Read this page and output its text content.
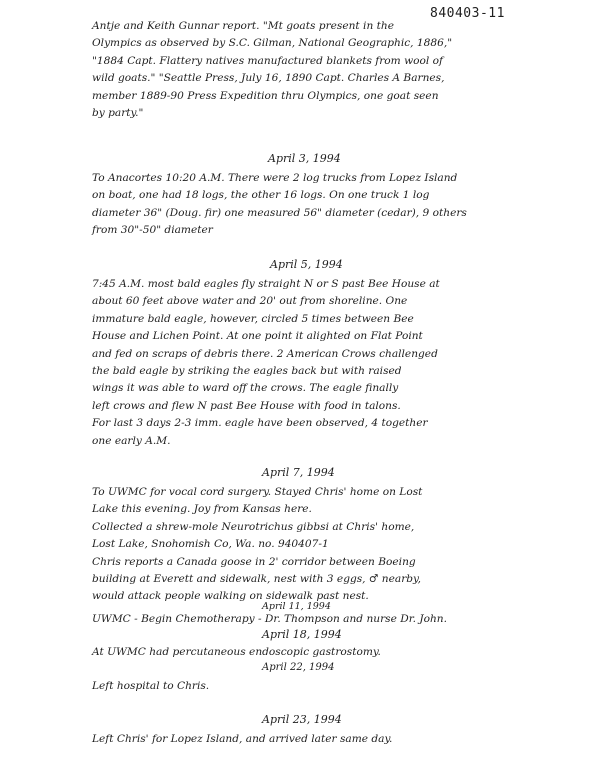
840403-11
Antje and Keith Gunnar report. "Mt goats present in the
Olympics as observed by S.C. Gilman, National Geographic, 1886,"
"1884 Capt. Flattery natives manufactured blankets from wool of
wild goats." "Seattle Press, July 16, 1890 Capt. Charles A Barnes,
member 1889-90 Press Expedition thru Olympics, one goat seen
by party."
April 3, 1994
To Anacortes 10:20 A.M. There were 2 log trucks from Lopez Island
on boat, one had 18 logs, the other 16 logs. On one truck 1 log
diameter 36" (Doug. fir) one measured 56" diameter (cedar), 9 others
from 30"-50" diameter
April 5, 1994
7:45 A.M. most bald eagles fly straight N or S past Bee House at
about 60 feet above water and 20' out from shoreline. One
immature bald eagle, however, circled 5 times between Bee
House and Lichen Point. At one point it alighted on Flat Point
and fed on scraps of debris there. 2 American Crows challenged
the bald eagle by striking the eagles back but with raised
wings it was able to ward off the crows. The eagle finally
left crows and flew N past Bee House with food in talons.
For last 3 days 2-3 imm. eagle have been observed, 4 together
one early A.M.
April 7, 1994
To UWMC for vocal cord surgery. Stayed Chris' home on Lost
Lake this evening. Joy from Kansas here.
Collected a shrew-mole Neurotrichus gibbsi at Chris' home,
Lost Lake, Snohomish Co, Wa. no. 940407-1
Chris reports a Canada goose in 2' corridor between Boeing
building at Everett and sidewalk, nest with 3 eggs, ♂ nearby,
would attack people walking on sidewalk past nest.
April 11, 1994
UWMC - Begin Chemotherapy - Dr. Thompson and nurse Dr. John.
April 18, 1994
At UWMC had percutaneous endoscopic gastrostomy.
April 22, 1994
Left hospital to Chris.
April 23, 1994
Left Chris' for Lopez Island, and arrived later same day.
